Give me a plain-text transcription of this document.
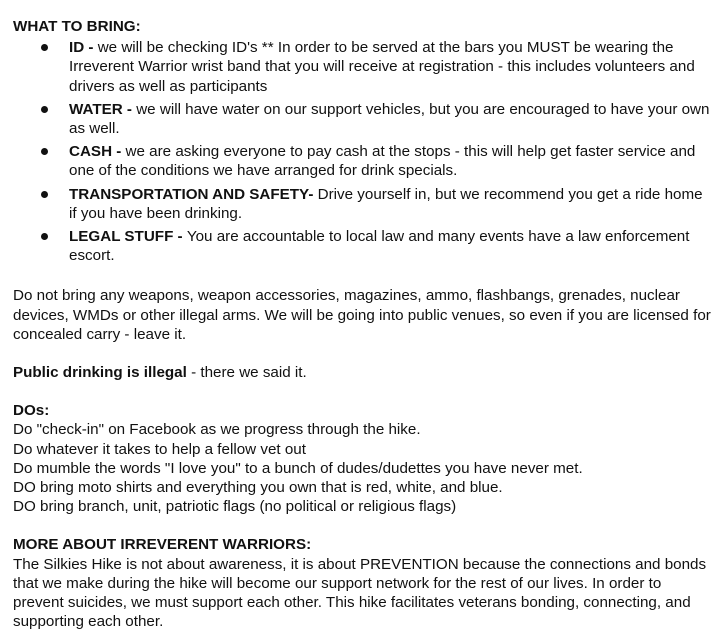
WHAT TO BRING:

ID - we will be checking ID's ** In order to be served at the bars you MUST be wearing the Irreverent Warrior wrist band that you will receive at registration - this includes volunteers and drivers as well as participants
WATER - we will have water on our support vehicles, but you are encouraged to have your own as well.
CASH - we are asking everyone to pay cash at the stops - this will help get faster service and one of the conditions we have arranged for drink specials.
TRANSPORTATION AND SAFETY- Drive yourself in, but we recommend you get a ride home if you have been drinking.
LEGAL STUFF - You are accountable to local law and many events have a law enforcement escort.

Do not bring any weapons, weapon accessories, magazines, ammo, flashbangs, grenades, nuclear devices, WMDs or other illegal arms. We will be going into public venues, so even if you are licensed for concealed carry - leave it.

Public drinking is illegal - there we said it.

DOs:

Do "check-in" on Facebook as we progress through the hike.

Do whatever it takes to help a fellow vet out

Do mumble the words "I love you" to a bunch of dudes/dudettes you have never met.

DO bring moto shirts and everything you own that is red, white, and blue.

DO bring branch, unit, patriotic flags (no political or religious flags)

MORE ABOUT IRREVERENT WARRIORS:

The Silkies Hike is not about awareness, it is about PREVENTION because the connections and bonds that we make during the hike will become our support network for the rest of our lives. In order to prevent suicides, we must support each other. This hike facilitates veterans bonding, connecting, and supporting each other.
